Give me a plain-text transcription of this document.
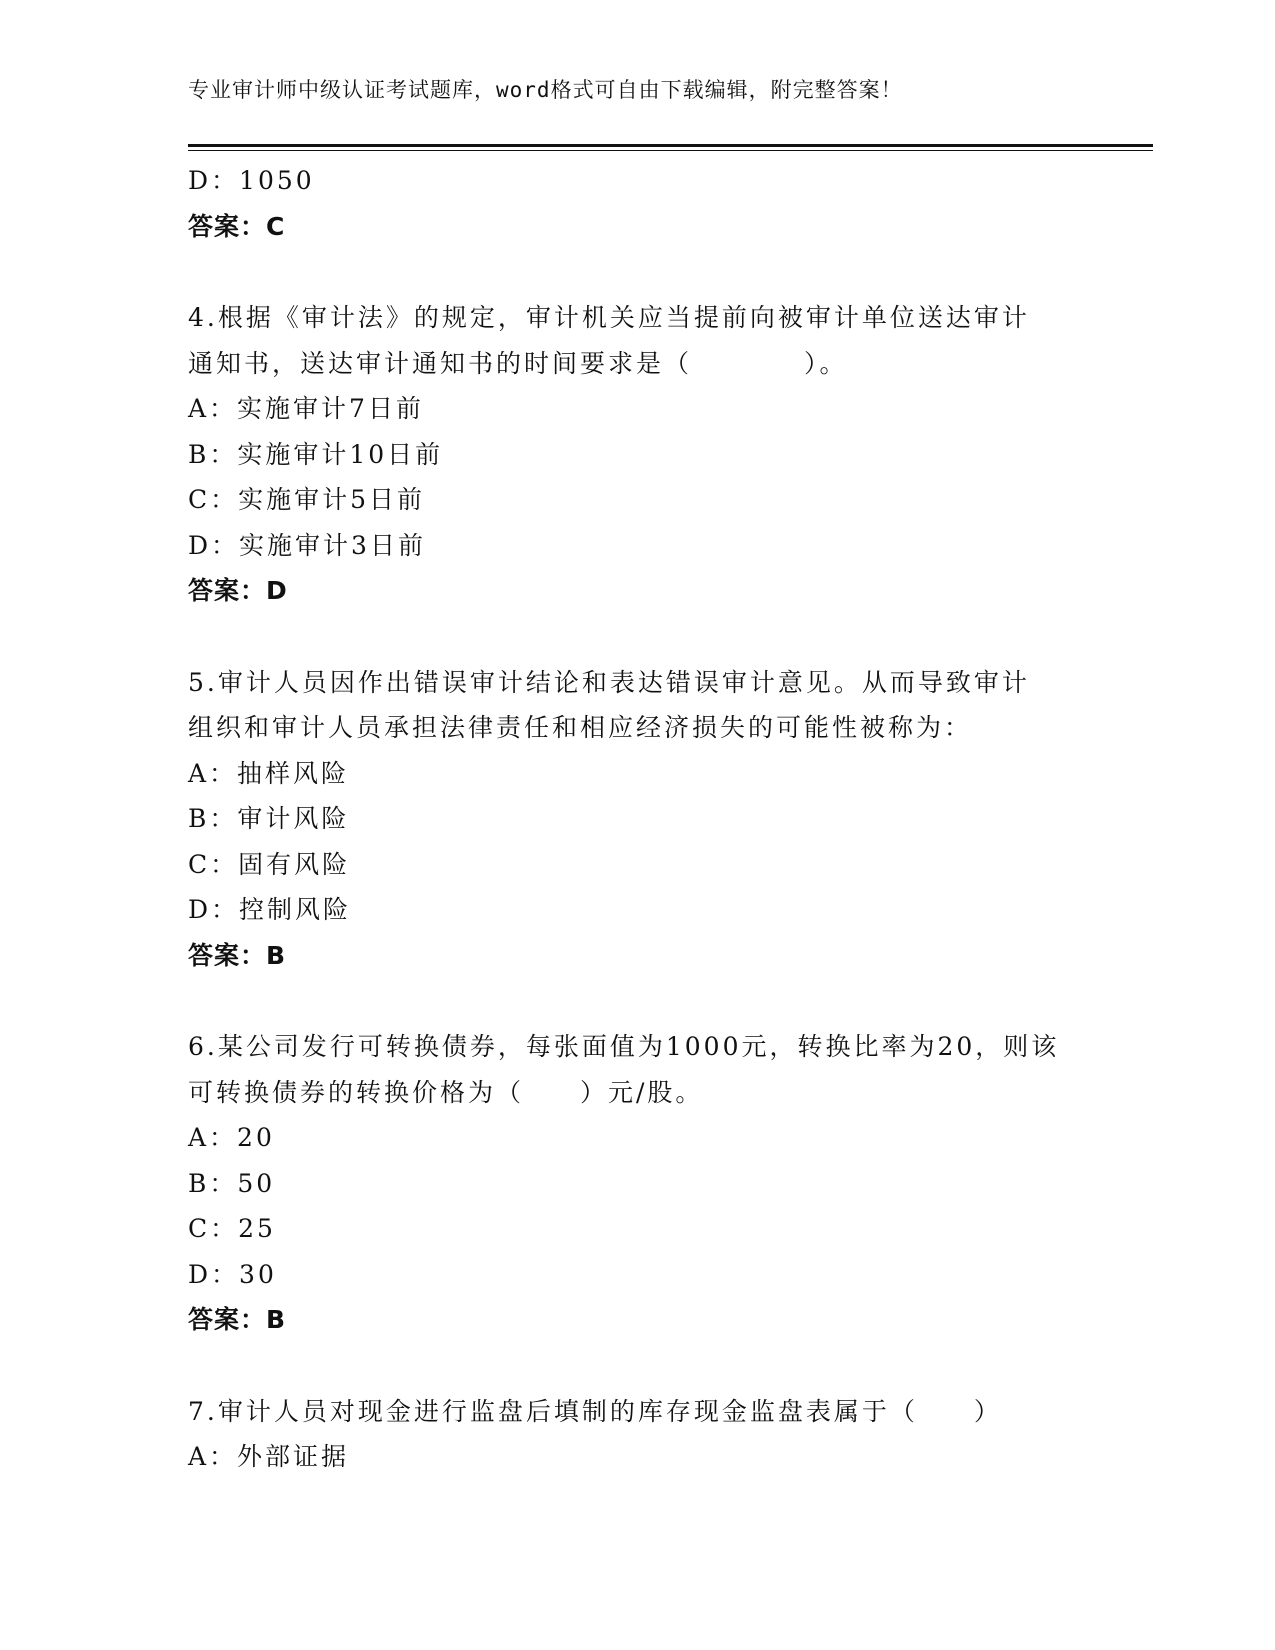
专业审计师中级认证考试题库，word格式可自由下载编辑，附完整答案！
D：1050
答案：C
4.根据《审计法》的规定，审计机关应当提前向被审计单位送达审计
通知书，送达审计通知书的时间要求是（　　　　）。
A：实施审计7日前
B：实施审计10日前
C：实施审计5日前
D：实施审计3日前
答案：D
5.审计人员因作出错误审计结论和表达错误审计意见。从而导致审计
组织和审计人员承担法律责任和相应经济损失的可能性被称为：
A：抽样风险
B：审计风险
C：固有风险
D：控制风险
答案：B
6.某公司发行可转换债券，每张面值为1000元，转换比率为20，则该
可转换债券的转换价格为（　　）元/股。
A：20
B：50
C：25
D：30
答案：B
7.审计人员对现金进行监盘后填制的库存现金监盘表属于（　　）
A：外部证据
